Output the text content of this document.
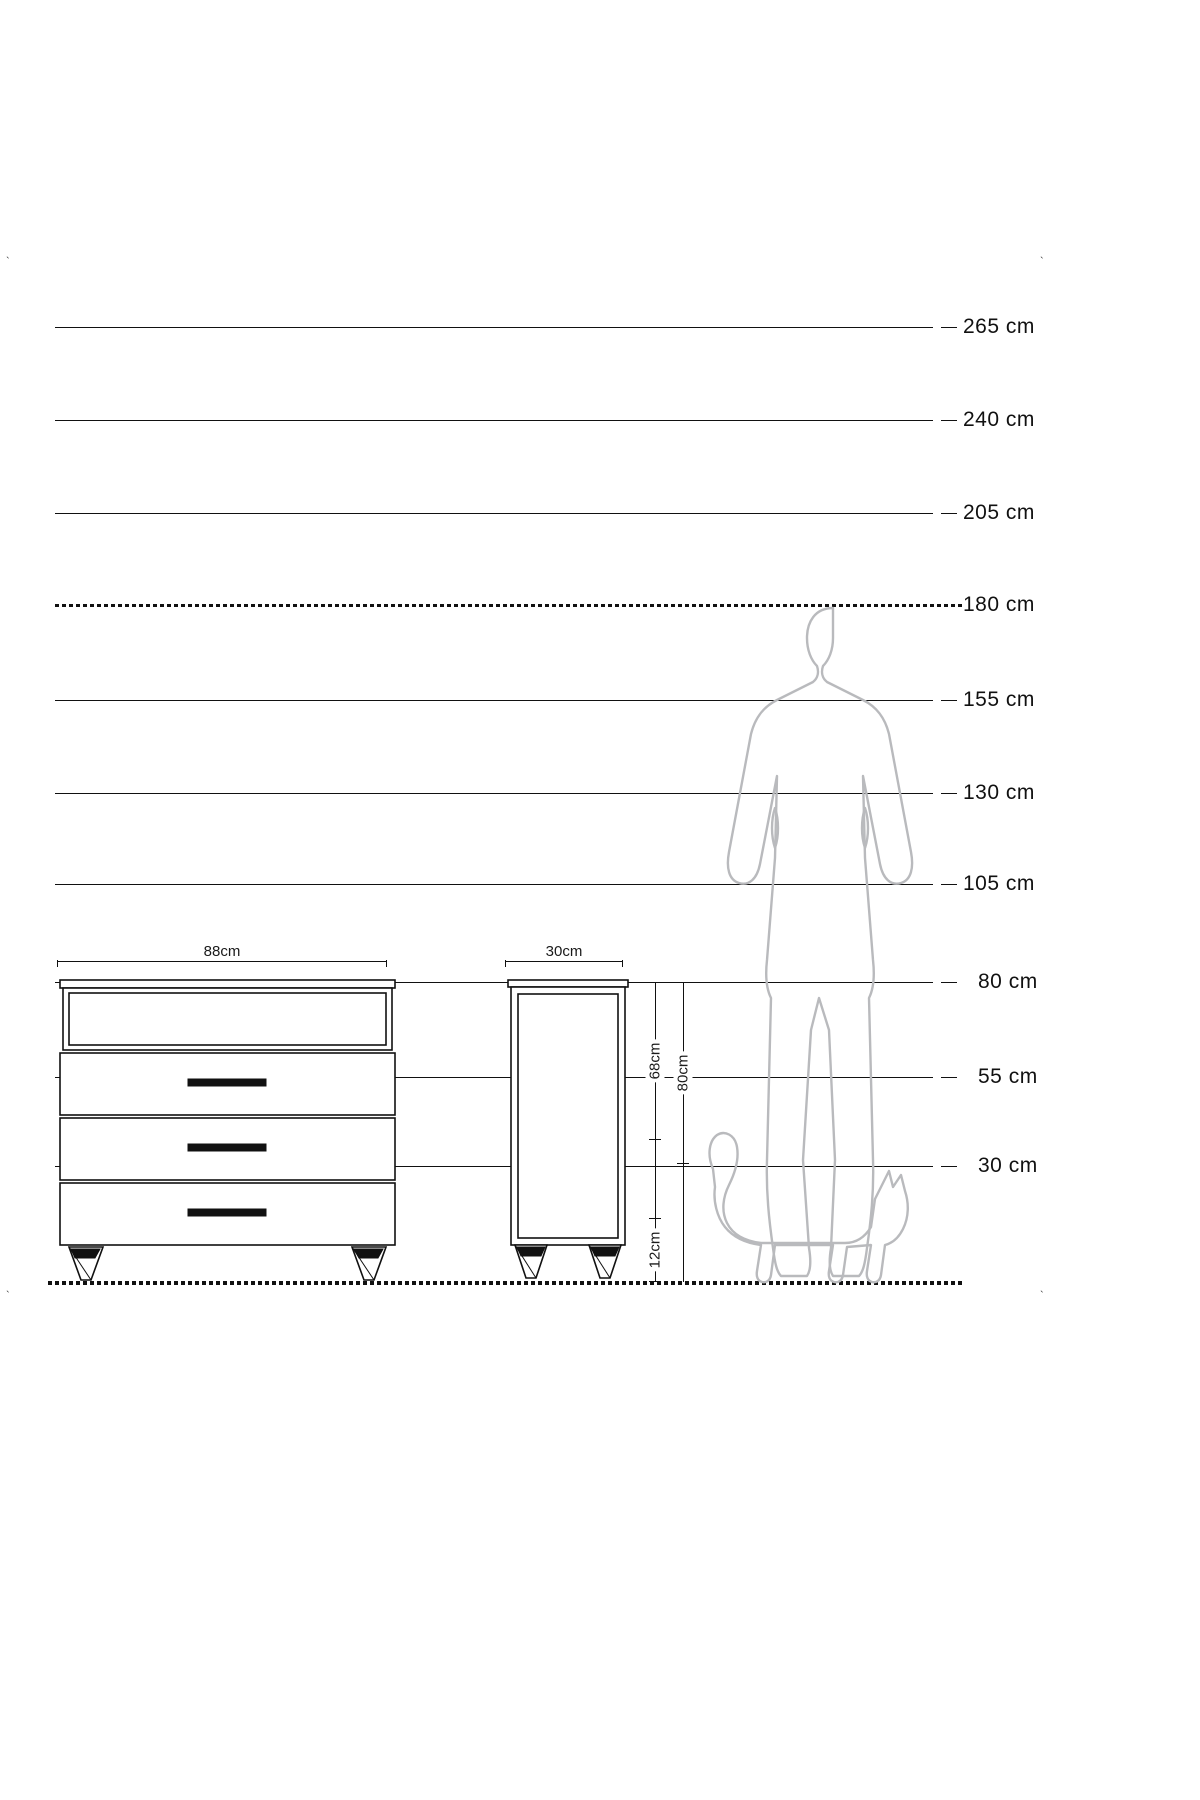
`	`
`	`
265 cm
240 cm
205 cm
180 cm
155 cm
130 cm
105 cm
80 cm
55 cm
30 cm
88cm	30cm
68cm 80cm
12cm
